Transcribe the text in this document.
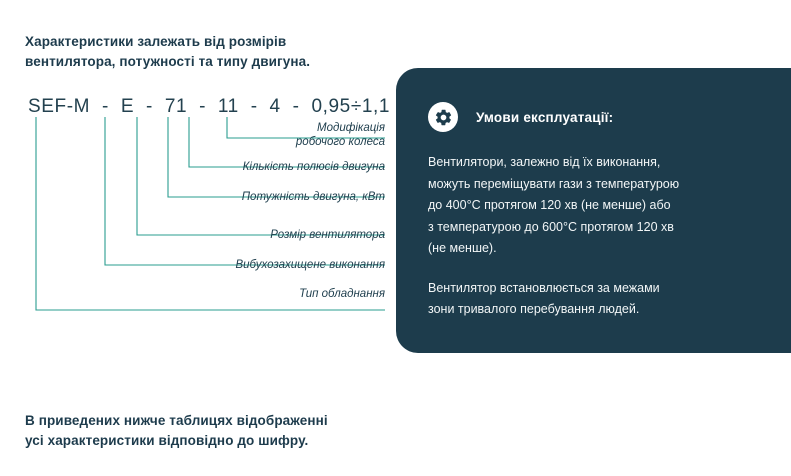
Характеристики залежать від розмірів
вентилятора, потужності та типу двигуна.
SEF-M - E - 71 - 11 - 4 - 0,95÷1,1
Модифікація
робочого колеса
Кількість полюсів двигуна
Потужність двигуна, кВт
Розмір вентилятора
Вибухозахищене виконання
Тип обладнання
В приведених нижче таблицях відображенні
усі характеристики відповідно до шифру.
Умови експлуатації:

Вентилятори, залежно від їх виконання,
можуть переміщувати гази з температурою
до 400°С протягом 120 хв (не менше) або
з температурою до 600°С протягом 120 хв
(не менше).

Вентилятор встановлюється за межами
зони тривалого перебування людей.
